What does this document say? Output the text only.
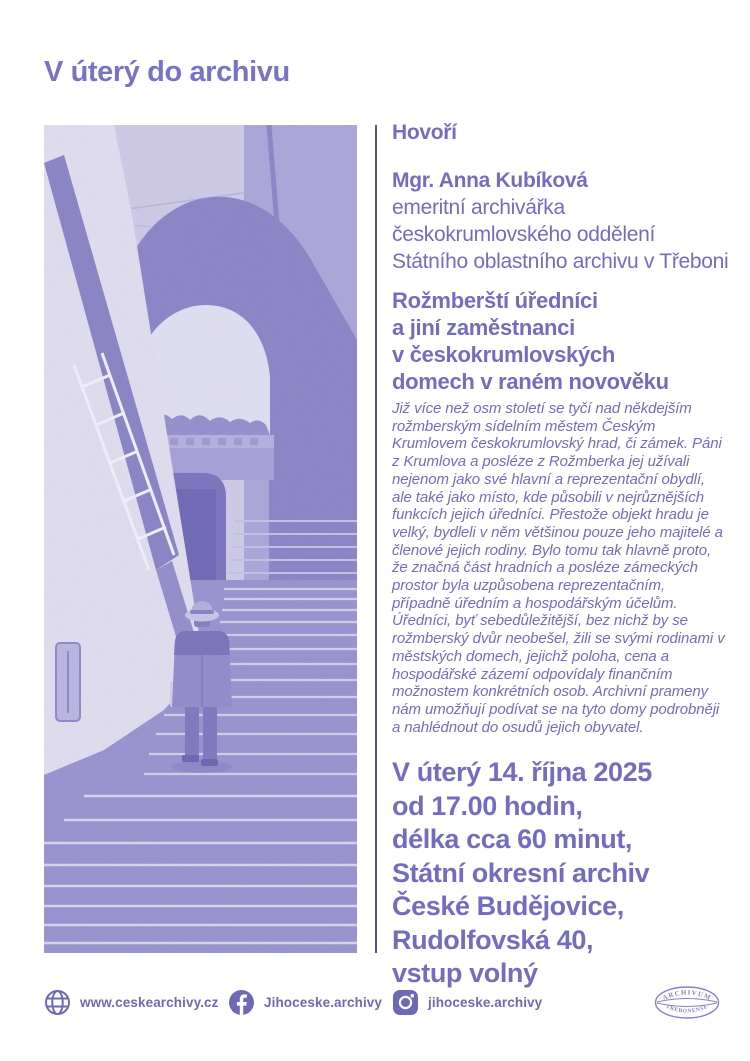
V úterý do archivu
Hovoří
Mgr. Anna Kubíková
emeritní archivářka
českokrumlovského oddělení
Státního oblastního archivu v Třeboni
Rožmberští úředníci
a jiní zaměstnanci
v českokrumlovských
domech v raném novověku

Již více než osm století se tyčí nad někdejším rožmberským sídelním městem Českým Krumlovem českokrumlovský hrad, či zámek. Páni z Krumlova a posléze z Rožmberka jej užívali nejenom jako své hlavní a reprezentační obydlí, ale také jako místo, kde působili v nejrůznějších funkcích jejich úředníci. Přestože objekt hradu je velký, bydleli v něm většinou pouze jeho majitelé a členové jejich rodiny. Bylo tomu tak hlavně proto, že značná část hradních a posléze zámeckých prostor byla uzpůsobena reprezentačním, případně úředním a hospodářským účelům. Úředníci, byť sebedůležitější, bez nichž by se rožmberský dvůr neobešel, žili se svými rodinami v městských domech, jejichž poloha, cena a hospodářské zázemí odpovídaly finančním možnostem konkrétních osob. Archivní prameny nám umožňují podívat se na tyto domy podrobněji a nahlédnout do osudů jejich obyvatel.

V úterý 14. října 2025
od 17.00 hodin,
délka cca 60 minut,
Státní okresní archiv
České Budějovice,
Rudolfovská 40,
vstup volný
www.ceskearchivy.cz	Jihoceske.archivy	jihoceske.archivy	ARCHIVUM
TREBONENSE
